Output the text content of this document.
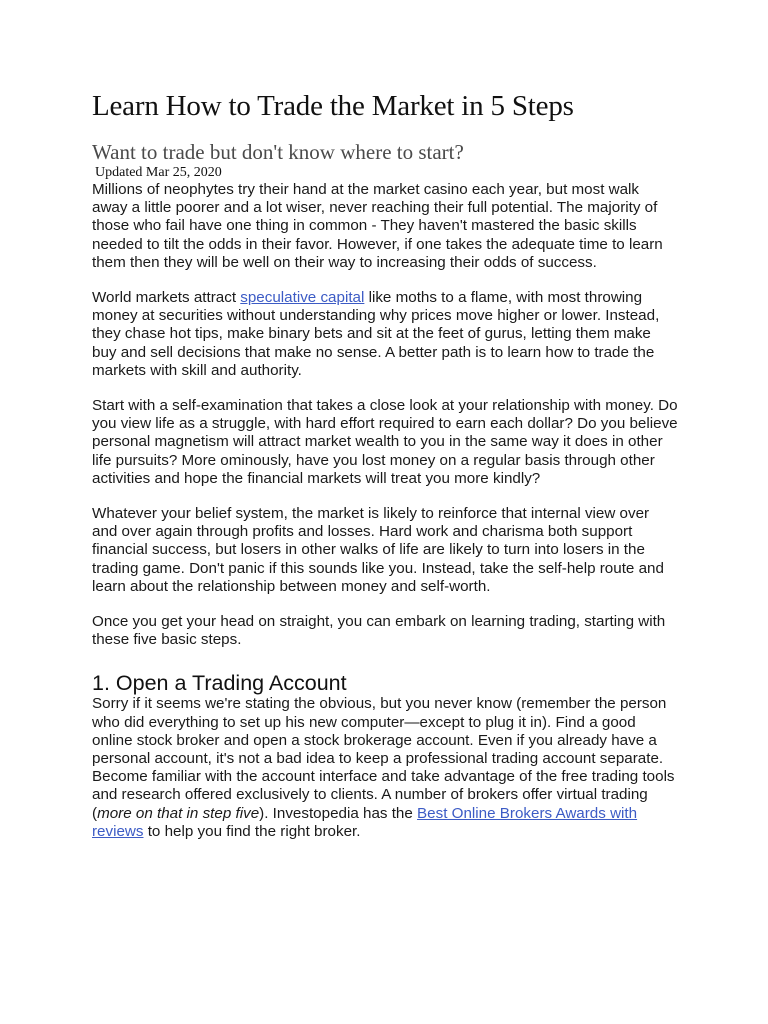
Learn How to Trade the Market in 5 Steps
Want to trade but don't know where to start?
Updated Mar 25, 2020

Millions of neophytes try their hand at the market casino each year, but most walk away a little poorer and a lot wiser, never reaching their full potential. The majority of those who fail have one thing in common - They haven't mastered the basic skills needed to tilt the odds in their favor. However, if one takes the adequate time to learn them then they will be well on their way to increasing their odds of success.

World markets attract speculative capital like moths to a flame, with most throwing money at securities without understanding why prices move higher or lower. Instead, they chase hot tips, make binary bets and sit at the feet of gurus, letting them make buy and sell decisions that make no sense. A better path is to learn how to trade the markets with skill and authority.

Start with a self-examination that takes a close look at your relationship with money. Do you view life as a struggle, with hard effort required to earn each dollar? Do you believe personal magnetism will attract market wealth to you in the same way it does in other life pursuits? More ominously, have you lost money on a regular basis through other activities and hope the financial markets will treat you more kindly?

Whatever your belief system, the market is likely to reinforce that internal view over and over again through profits and losses. Hard work and charisma both support financial success, but losers in other walks of life are likely to turn into losers in the trading game. Don't panic if this sounds like you. Instead, take the self-help route and learn about the relationship between money and self-worth.

Once you get your head on straight, you can embark on learning trading, starting with these five basic steps.

1. Open a Trading Account

Sorry if it seems we're stating the obvious, but you never know (remember the person who did everything to set up his new computer—except to plug it in). Find a good online stock broker and open a stock brokerage account. Even if you already have a personal account, it's not a bad idea to keep a professional trading account separate. Become familiar with the account interface and take advantage of the free trading tools and research offered exclusively to clients. A number of brokers offer virtual trading (more on that in step five). Investopedia has the Best Online Brokers Awards with reviews to help you find the right broker.
